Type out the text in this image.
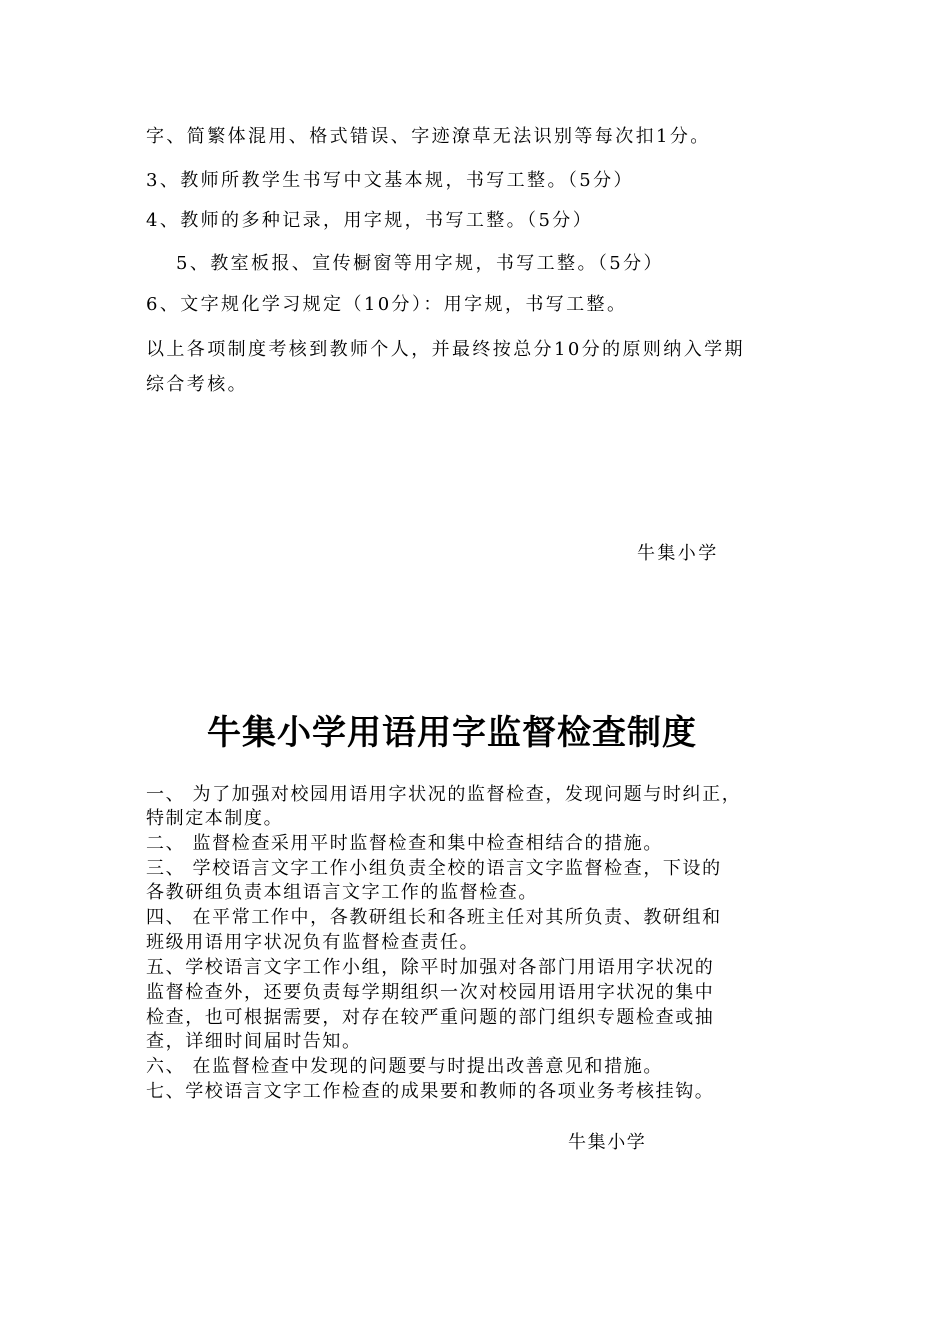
字、简繁体混用、格式错误、字迹潦草无法识别等每次扣1分。
3、教师所教学生书写中文基本规，书写工整。（5分）
4、教师的多种记录，用字规，书写工整。（5分）
5、教室板报、宣传橱窗等用字规，书写工整。（5分）
6、文字规化学习规定（10分）：用字规，书写工整。
以上各项制度考核到教师个人，并最终按总分10分的原则纳入学期
综合考核。
牛集小学
牛集小学用语用字监督检查制度
一、 为了加强对校园用语用字状况的监督检查，发现问题与时纠正，
特制定本制度。
二、 监督检查采用平时监督检查和集中检查相结合的措施。
三、 学校语言文字工作小组负责全校的语言文字监督检查，下设的
各教研组负责本组语言文字工作的监督检查。
四、 在平常工作中，各教研组长和各班主任对其所负责、教研组和
班级用语用字状况负有监督检查责任。
五、学校语言文字工作小组，除平时加强对各部门用语用字状况的
监督检查外，还要负责每学期组织一次对校园用语用字状况的集中
检查，也可根据需要，对存在较严重问题的部门组织专题检查或抽
查，详细时间届时告知。
六、 在监督检查中发现的问题要与时提出改善意见和措施。
七、学校语言文字工作检查的成果要和教师的各项业务考核挂钩。
牛集小学
